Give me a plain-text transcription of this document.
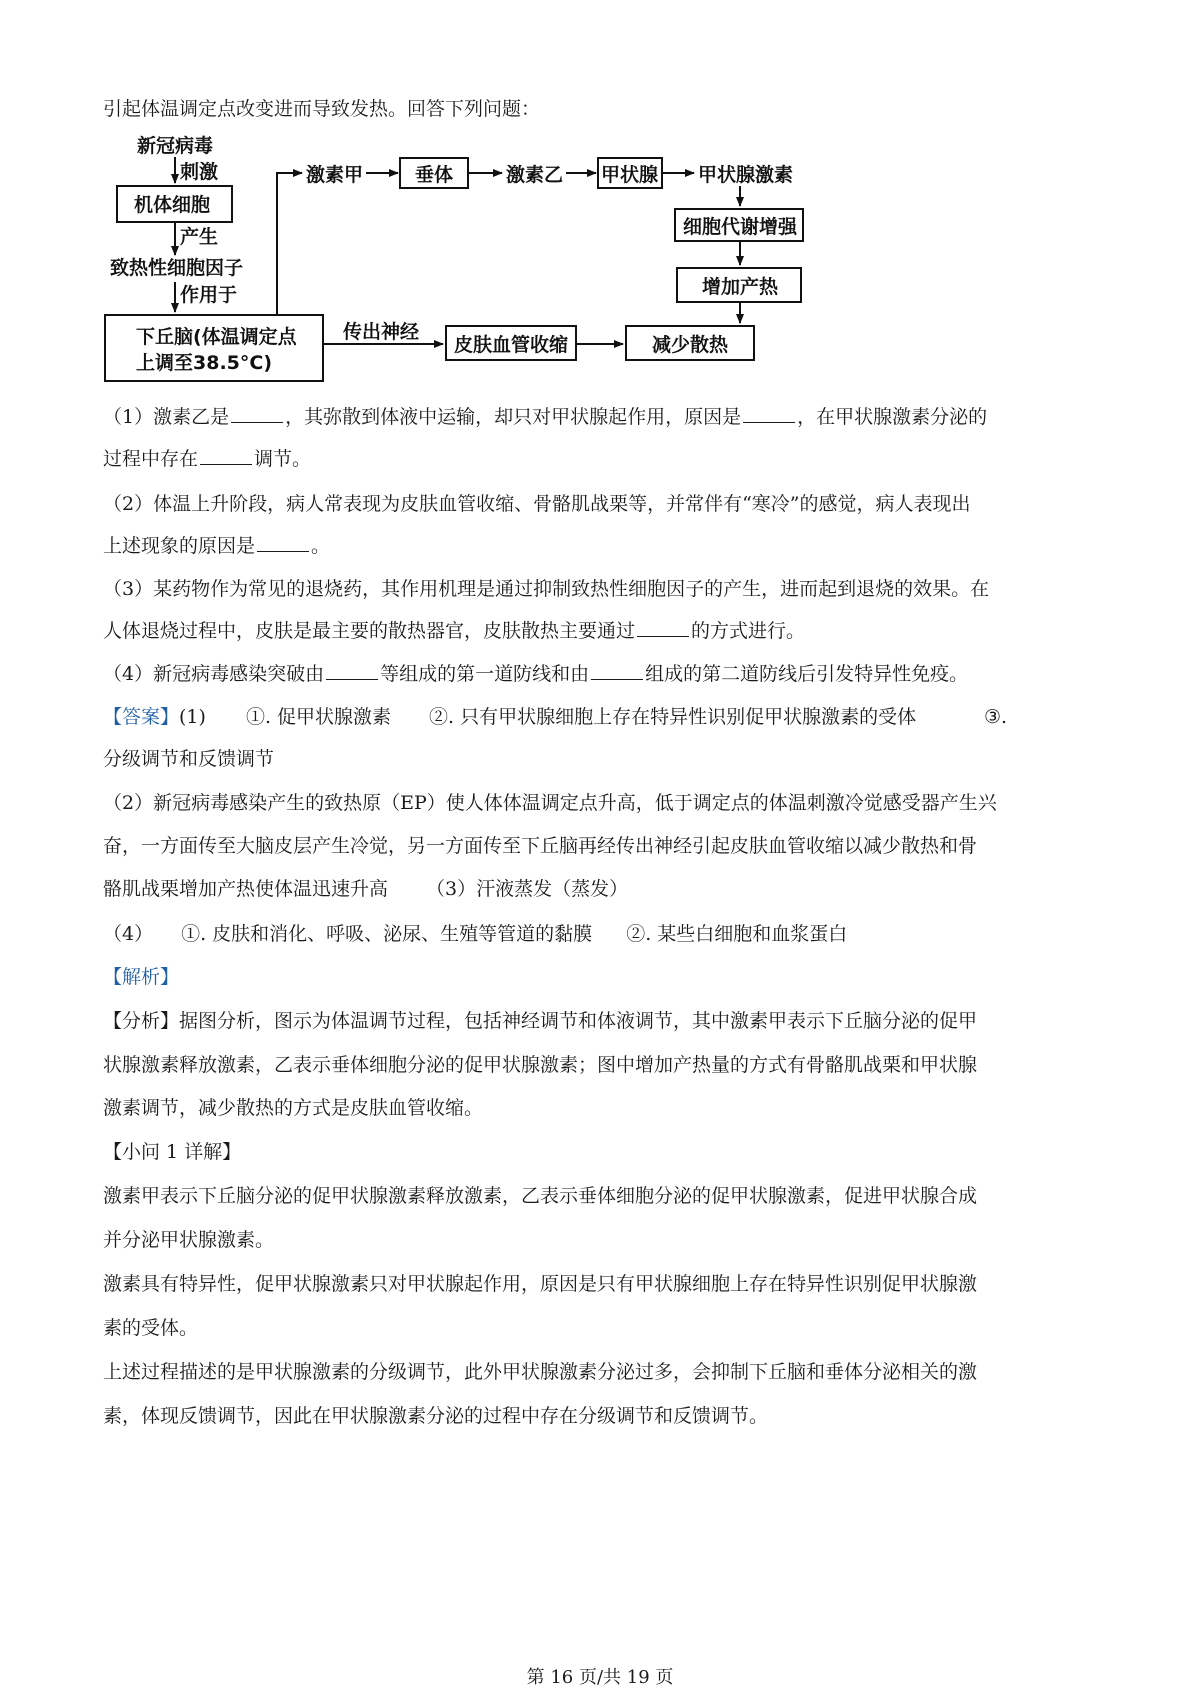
引起体温调定点改变进而导致发热。回答下列问题：
新冠病毒
刺激
机体细胞
产生
致热性细胞因子
作用于
下丘脑(体温调定点
上调至38.5°C)
激素甲	垂体	激素乙 甲状腺 甲状腺激素
细胞代谢增强
增加产热
传出神经
皮肤血管收缩	减少散热
（1）激素乙是	，其弥散到体液中运输，却只对甲状腺起作用，原因是	，在甲状腺激素分泌的
过程中存在	调节。
（2）体温上升阶段，病人常表现为皮肤血管收缩、骨骼肌战栗等，并常伴有“寒冷”的感觉，病人表现出
上述现象的原因是	。
（3）某药物作为常见的退烧药，其作用机理是通过抑制致热性细胞因子的产生，进而起到退烧的效果。在
人体退烧过程中，皮肤是最主要的散热器官，皮肤散热主要通过	的方式进行。
（4）新冠病毒感染突破由	等组成的第一道防线和由	组成的第二道防线后引发特异性免疫。
【答案】(1) ①. 促甲状腺激素 ②. 只有甲状腺细胞上存在特异性识别促甲状腺激素的受体	③.
分级调节和反馈调节
（2）新冠病毒感染产生的致热原（EP）使人体体温调定点升高，低于调定点的体温刺激冷觉感受器产生兴
奋，一方面传至大脑皮层产生冷觉，另一方面传至下丘脑再经传出神经引起皮肤血管收缩以减少散热和骨
骼肌战栗增加产热使体温迅速升高 （3）汗液蒸发（蒸发）
（4） ①. 皮肤和消化、呼吸、泌尿、生殖等管道的黏膜 ②. 某些白细胞和血浆蛋白
【解析】
【分析】据图分析，图示为体温调节过程，包括神经调节和体液调节，其中激素甲表示下丘脑分泌的促甲
状腺激素释放激素，乙表示垂体细胞分泌的促甲状腺激素；图中增加产热量的方式有骨骼肌战栗和甲状腺
激素调节，减少散热的方式是皮肤血管收缩。
【小问 1 详解】
激素甲表示下丘脑分泌的促甲状腺激素释放激素，乙表示垂体细胞分泌的促甲状腺激素，促进甲状腺合成
并分泌甲状腺激素。
激素具有特异性，促甲状腺激素只对甲状腺起作用，原因是只有甲状腺细胞上存在特异性识别促甲状腺激
素的受体。
上述过程描述的是甲状腺激素的分级调节，此外甲状腺激素分泌过多，会抑制下丘脑和垂体分泌相关的激
素，体现反馈调节，因此在甲状腺激素分泌的过程中存在分级调节和反馈调节。
第 16 页/共 19 页
